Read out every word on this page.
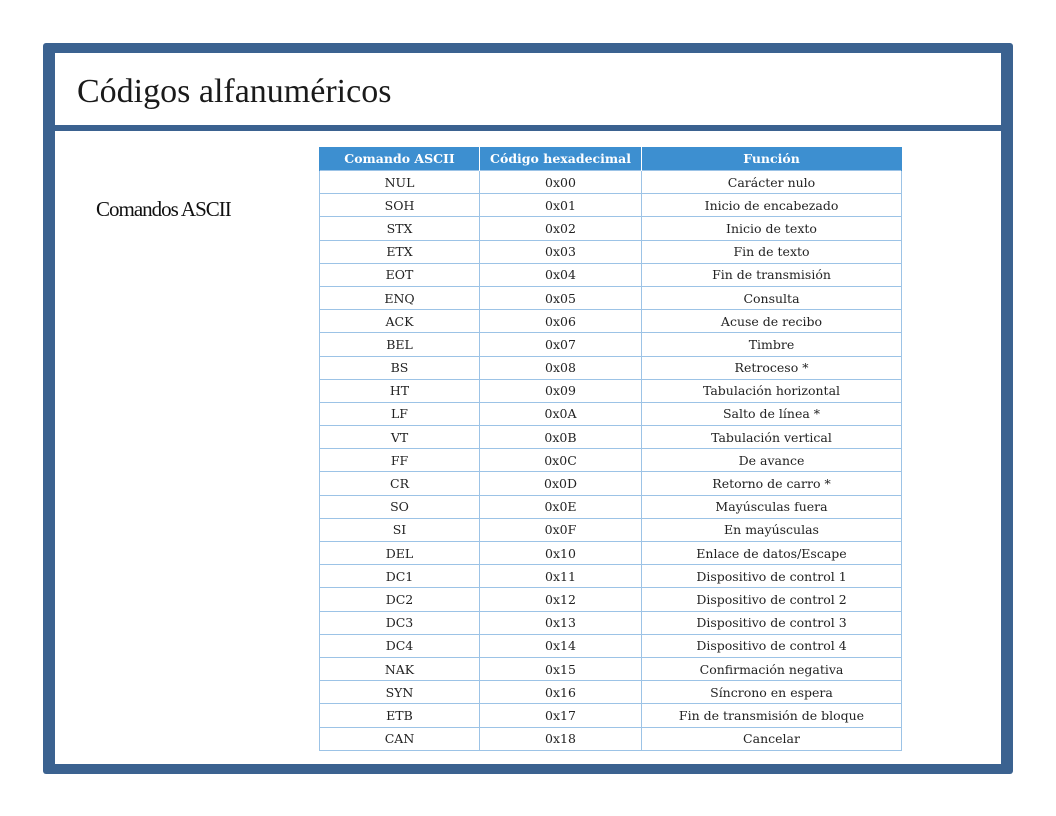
Códigos alfanuméricos
Comandos ASCII
Comando ASCII	Código hexadecimal	Función
NUL	0x00	Carácter nulo
SOH	0x01	Inicio de encabezado
STX	0x02	Inicio de texto
ETX	0x03	Fin de texto
EOT	0x04	Fin de transmisión
ENQ	0x05	Consulta
ACK	0x06	Acuse de recibo
BEL	0x07	Timbre
BS	0x08	Retroceso *
HT	0x09	Tabulación horizontal
LF	0x0A	Salto de línea *
VT	0x0B	Tabulación vertical
FF	0x0C	De avance
CR	0x0D	Retorno de carro *
SO	0x0E	Mayúsculas fuera
SI	0x0F	En mayúsculas
DEL	0x10	Enlace de datos/Escape
DC1	0x11	Dispositivo de control 1
DC2	0x12	Dispositivo de control 2
DC3	0x13	Dispositivo de control 3
DC4	0x14	Dispositivo de control 4
NAK	0x15	Confirmación negativa
SYN	0x16	Síncrono en espera
ETB	0x17	Fin de transmisión de bloque
CAN	0x18	Cancelar
